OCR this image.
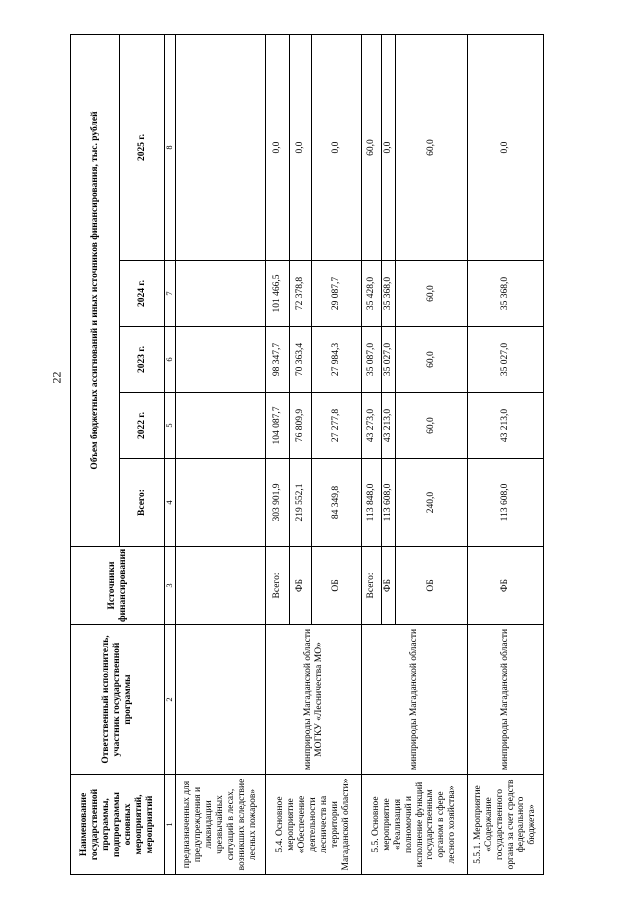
22
Наименование государственной программы, подпрограммы основных мероприятий, мероприятий	Ответственный исполнитель, участник государственной программы	Источники финансирования	Объем бюджетных ассигнований и иных источников финансирования, тыс. рублей				
			Всего:	2022 г.	2023 г.	2024 г.	2025 г.
1	2	3	4	5	6	7	8
предназначенных для предупреждения и ликвидации чрезвычайных ситуаций в лесах, возникших вследствие лесных пожаров»							
5.4. Основное мероприятие «Обеспечение деятельности лесничеств на территории Магаданской области»	минприроды Магаданской области МОГКУ «Лесничества МО»	Всего:	303 901,9	104 087,7	98 347,7	101 466,5	0,0
		ФБ	219 552,1	76 809,9	70 363,4	72 378,8	0,0
		ОБ	84 349,8	27 277,8	27 984,3	29 087,7	0,0
5.5. Основное мероприятие «Реализация полномочий и исполнение функций государственным органом в сфере лесного хозяйства»	минприроды Магаданской области	Всего:	113 848,0	43 273,0	35 087,0	35 428,0	60,0
		ФБ	113 608,0	43 213,0	35 027,0	35 368,0	0,0
		ОБ	240,0	60,0	60,0	60,0	60,0
5.5.1. Мероприятие «Содержание государственного органа за счет средств федерального бюджета»	минприроды Магаданской области	ФБ	113 608,0	43 213,0	35 027,0	35 368,0	0,0
